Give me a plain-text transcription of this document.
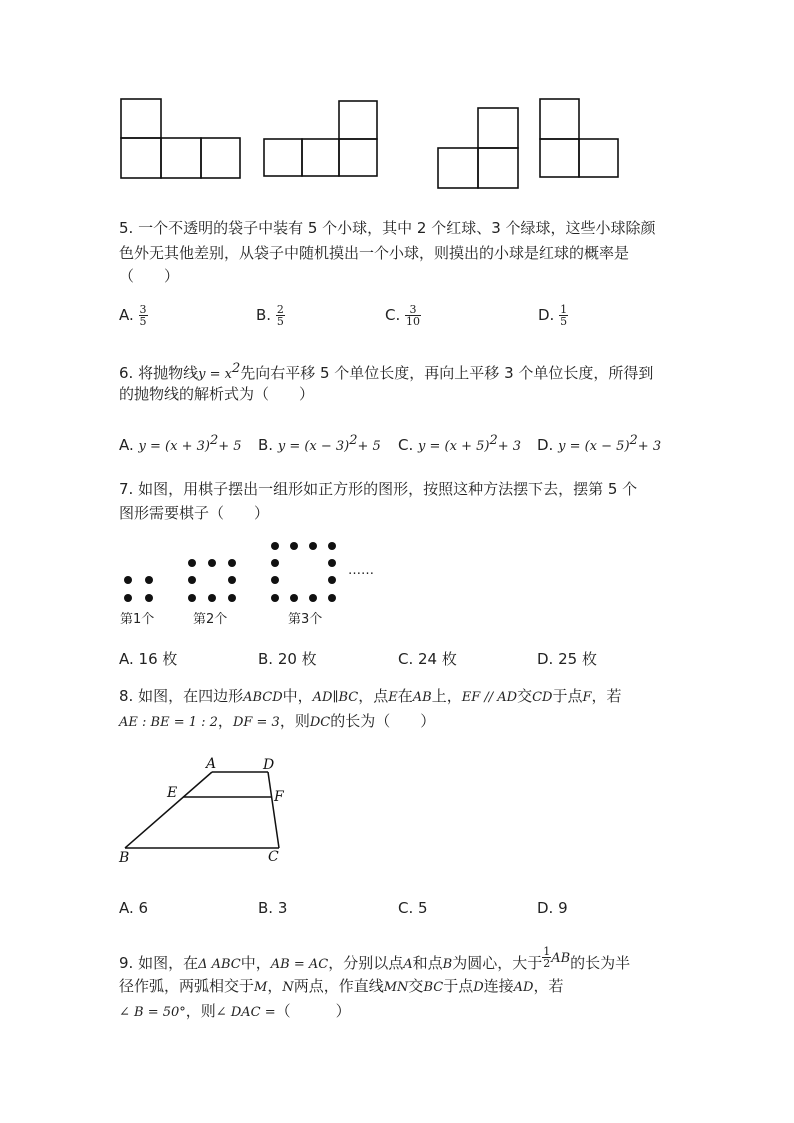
5. 一个不透明的袋子中装有 5 个小球，其中 2 个红球、3 个绿球，这些小球除颜
色外无其他差别，从袋子中随机摸出一个小球，则摸出的小球是红球的概率是
（　　）
A. $\frac{3}{5}$	B. $\frac{2}{5}$	C. $\frac{3}{10}$	D. $\frac{1}{5}$
6. 将抛物线$y = x^2$先向右平移 5 个单位长度，再向上平移 3 个单位长度，所得到
的抛物线的解析式为（　　）
A. $y = (x + 3)^2+ 5$ B. $y = (x - 3)^2+ 5$ C. $y = (x + 5)^2+ 3$ D. $y = (x - 5)^2+ 3$
7. 如图，用棋子摆出一组形如正方形的图形，按照这种方法摆下去，摆第 5 个
图形需要棋子（　　）
……
第1个	第2个	第3个
A. 16 枚	B. 20 枚	C. 24 枚	D. 25 枚
8. 如图，在四边形ABCD中，AD∥BC，点E在AB上，EF // AD交CD于点F，若
AE : BE = 1 : 2，DF = 3，则DC的长为（　　）
A	D
E	F
B	C
A. 6	B. 3	C. 5	D. 9
9. 如图，在Δ ABC中，AB = AC，分别以点A和点B为圆心，大于 $\frac{1}{2}$ AB的长为半
径作弧，两弧相交于M，N两点，作直线MN交BC于点D连接AD，若
∠ B = 50°，则∠ DAC =（　　　）
